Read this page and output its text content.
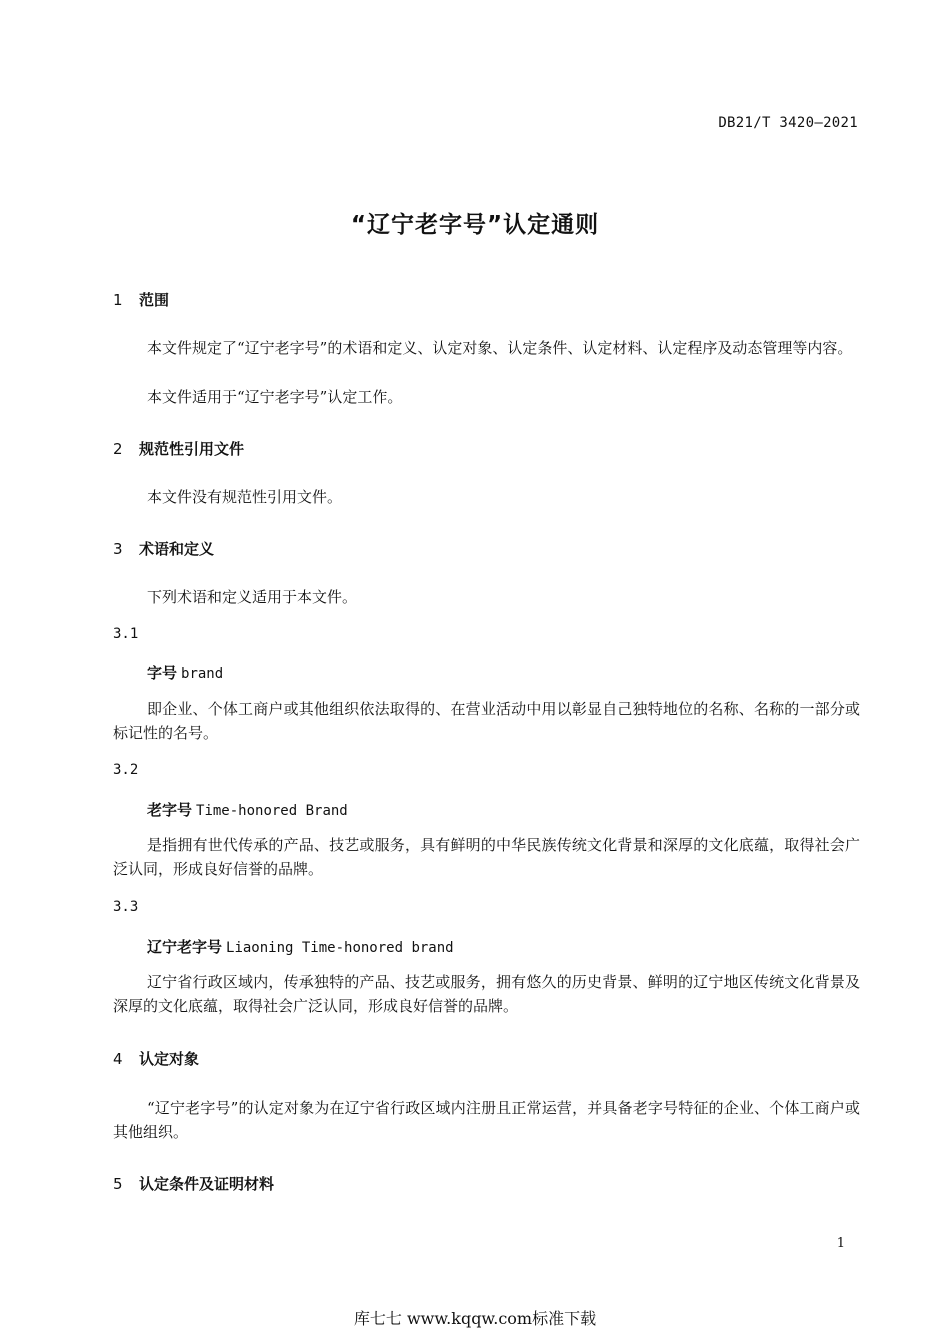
DB21/T 3420—2021
“辽宁老字号”认定通则
1 范围
本文件规定了“辽宁老字号”的术语和定义、认定对象、认定条件、认定材料、认定程序及动态管理等内容。
本文件适用于“辽宁老字号”认定工作。
2 规范性引用文件
本文件没有规范性引用文件。
3 术语和定义
下列术语和定义适用于本文件。
3.1
字号 brand
即企业、个体工商户或其他组织依法取得的、在营业活动中用以彰显自己独特地位的名称、名称的一部分或标记性的名号。
3.2
老字号 Time-honored Brand
是指拥有世代传承的产品、技艺或服务，具有鲜明的中华民族传统文化背景和深厚的文化底蕴，取得社会广泛认同，形成良好信誉的品牌。
3.3
辽宁老字号 Liaoning Time-honored brand
辽宁省行政区域内，传承独特的产品、技艺或服务，拥有悠久的历史背景、鲜明的辽宁地区传统文化背景及深厚的文化底蕴，取得社会广泛认同，形成良好信誉的品牌。
4 认定对象
“辽宁老字号”的认定对象为在辽宁省行政区域内注册且正常运营，并具备老字号特征的企业、个体工商户或其他组织。
5 认定条件及证明材料
1
库七七 www.kqqw.com标准下载
